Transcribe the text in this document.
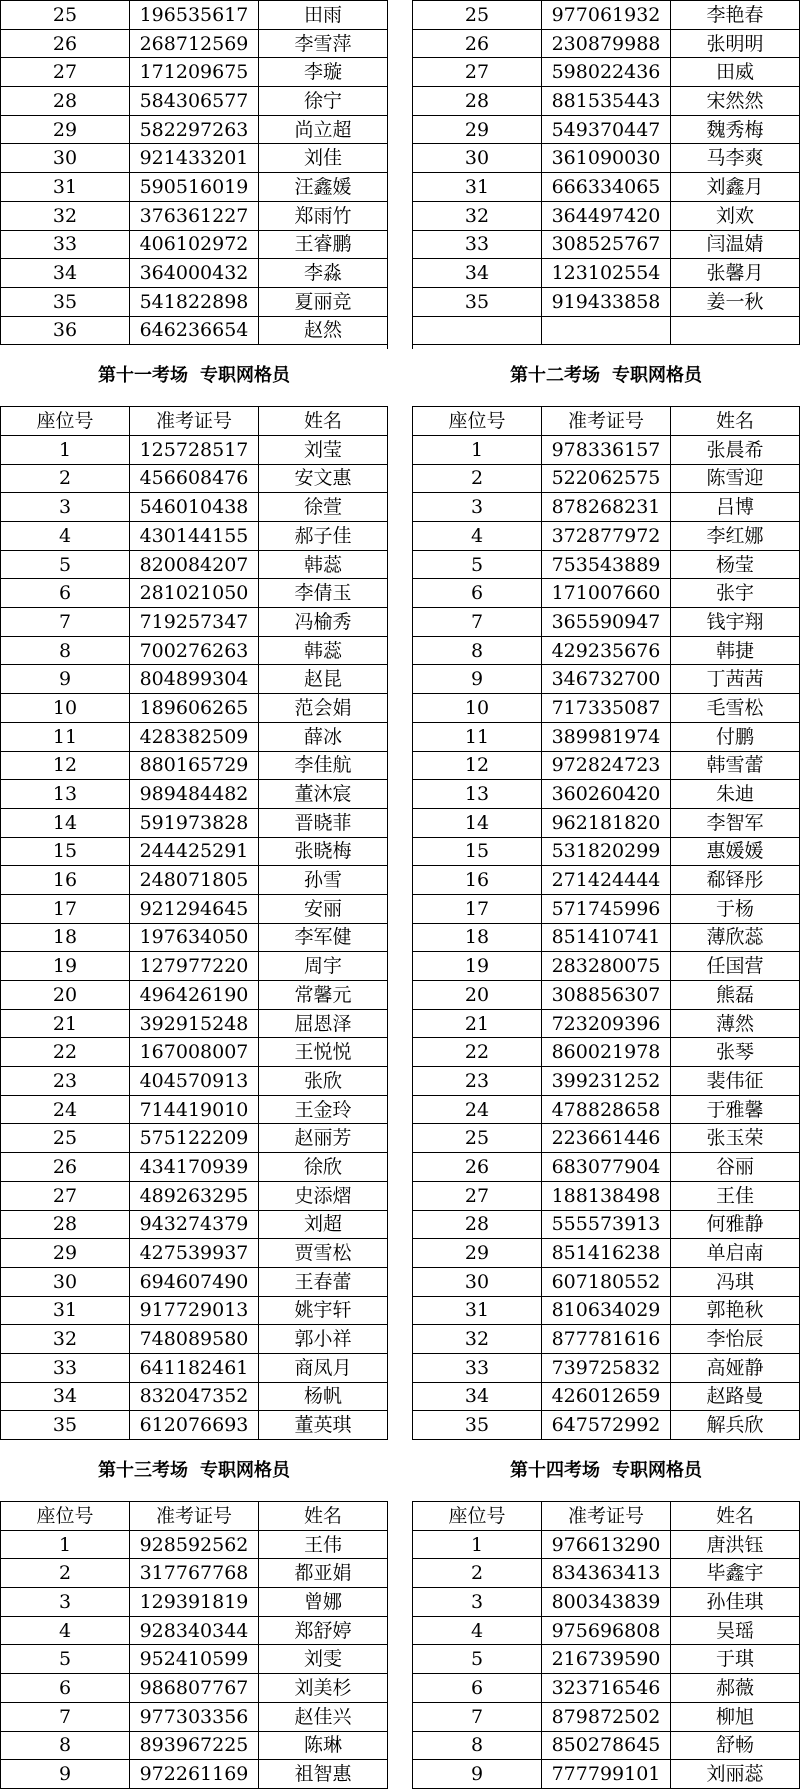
25	196535617	田雨
26	268712569	李雪萍
27	171209675	李璇
28	584306577	徐宁
29	582297263	尚立超
30	921433201	刘佳
31	590516019	汪鑫媛
32	376361227	郑雨竹
33	406102972	王睿鹏
34	364000432	李淼
35	541822898	夏丽竞
36	646236654	赵然
第十一考场 专职网格员
座位号	准考证号	姓名
1	125728517	刘莹
2	456608476	安文惠
3	546010438	徐萱
4	430144155	郝子佳
5	820084207	韩蕊
6	281021050	李倩玉
7	719257347	冯榆秀
8	700276263	韩蕊
9	804899304	赵昆
10	189606265	范会娟
11	428382509	薛冰
12	880165729	李佳航
13	989484482	董沐宸
14	591973828	晋晓菲
15	244425291	张晓梅
16	248071805	孙雪
17	921294645	安丽
18	197634050	李军健
19	127977220	周宇
20	496426190	常馨元
21	392915248	屈恩泽
22	167008007	王悦悦
23	404570913	张欣
24	714419010	王金玲
25	575122209	赵丽芳
26	434170939	徐欣
27	489263295	史添熠
28	943274379	刘超
29	427539937	贾雪松
30	694607490	王春蕾
31	917729013	姚宇轩
32	748089580	郭小祥
33	641182461	商凤月
34	832047352	杨帆
35	612076693	董英琪
第十三考场 专职网格员
座位号	准考证号	姓名
1	928592562	王伟
2	317767768	都亚娟
3	129391819	曾娜
4	928340344	郑舒婷
5	952410599	刘雯
6	986807767	刘美杉
7	977303356	赵佳兴
8	893967225	陈琳
9	972261169	祖智惠
25	977061932	李艳春
26	230879988	张明明
27	598022436	田威
28	881535443	宋然然
29	549370447	魏秀梅
30	361090030	马李爽
31	666334065	刘鑫月
32	364497420	刘欢
33	308525767	闫温婧
34	123102554	张馨月
35	919433858	姜一秋

第十二考场 专职网格员
座位号	准考证号	姓名
1	978336157	张晨希
2	522062575	陈雪迎
3	878268231	吕博
4	372877972	李红娜
5	753543889	杨莹
6	171007660	张宇
7	365590947	钱宇翔
8	429235676	韩捷
9	346732700	丁茜茜
10	717335087	毛雪松
11	389981974	付鹏
12	972824723	韩雪蕾
13	360260420	朱迪
14	962181820	李智军
15	531820299	惠媛媛
16	271424444	郗铎彤
17	571745996	于杨
18	851410741	薄欣蕊
19	283280075	任国营
20	308856307	熊磊
21	723209396	薄然
22	860021978	张琴
23	399231252	裴伟征
24	478828658	于雅馨
25	223661446	张玉荣
26	683077904	谷丽
27	188138498	王佳
28	555573913	何雅静
29	851416238	单启南
30	607180552	冯琪
31	810634029	郭艳秋
32	877781616	李怡辰
33	739725832	高娅静
34	426012659	赵路曼
35	647572992	解兵欣
第十四考场 专职网格员
座位号	准考证号	姓名
1	976613290	唐洪钰
2	834363413	毕鑫宇
3	800343839	孙佳琪
4	975696808	吴瑶
5	216739590	于琪
6	323716546	郝薇
7	879872502	柳旭
8	850278645	舒畅
9	777799101	刘丽蕊
